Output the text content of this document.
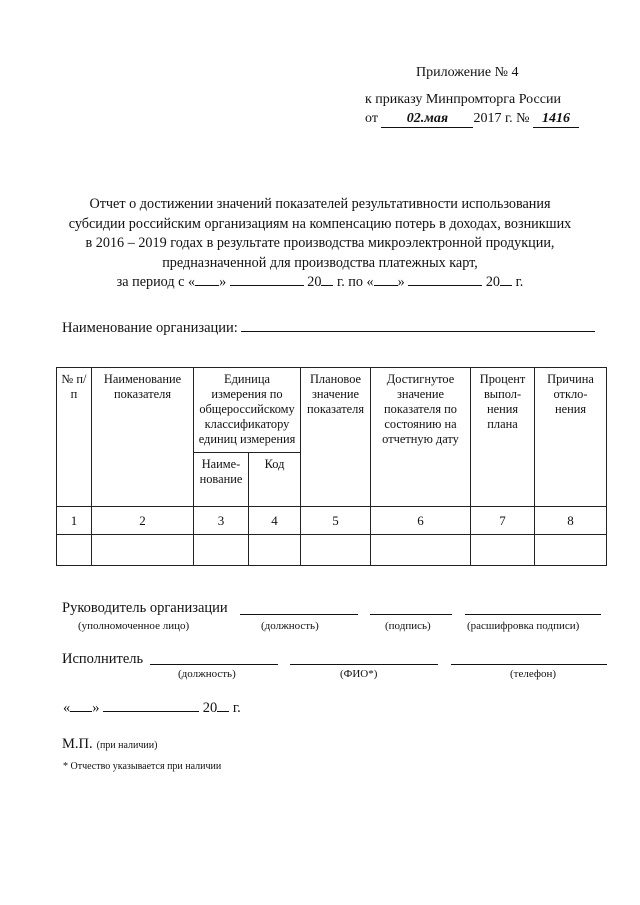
Приложение № 4
к приказу Минпромторга России
от 02.мая 2017 г. № 1416
Отчет о достижении значений показателей результативности использования
субсидии российским организациям на компенсацию потерь в доходах, возникших
в 2016 – 2019 годах в результате производства микроэлектронной продукции,
предназначенной для производства платежных карт,
за период с « »	20 г. по « »	20 г.
Наименование организации:
№ п/п	Наименование показателя	Единица измерения по общероссийскому классификатору единиц измерения		Плановое значение показателя	Достигнутое значение показателя по состоянию на отчетную дату	Процент выпол-нения плана	Причина откло-нения
		Наиме-нование	Код				
1	2	3	4	5	6	7	8

Руководитель организации
(уполномоченное лицо)	(должность)	(подпись)	(расшифровка подписи)
Исполнитель
(должность)	(ФИО*)	(телефон)
« »	20 г.
М.П. (при наличии)
* Отчество указывается при наличии
